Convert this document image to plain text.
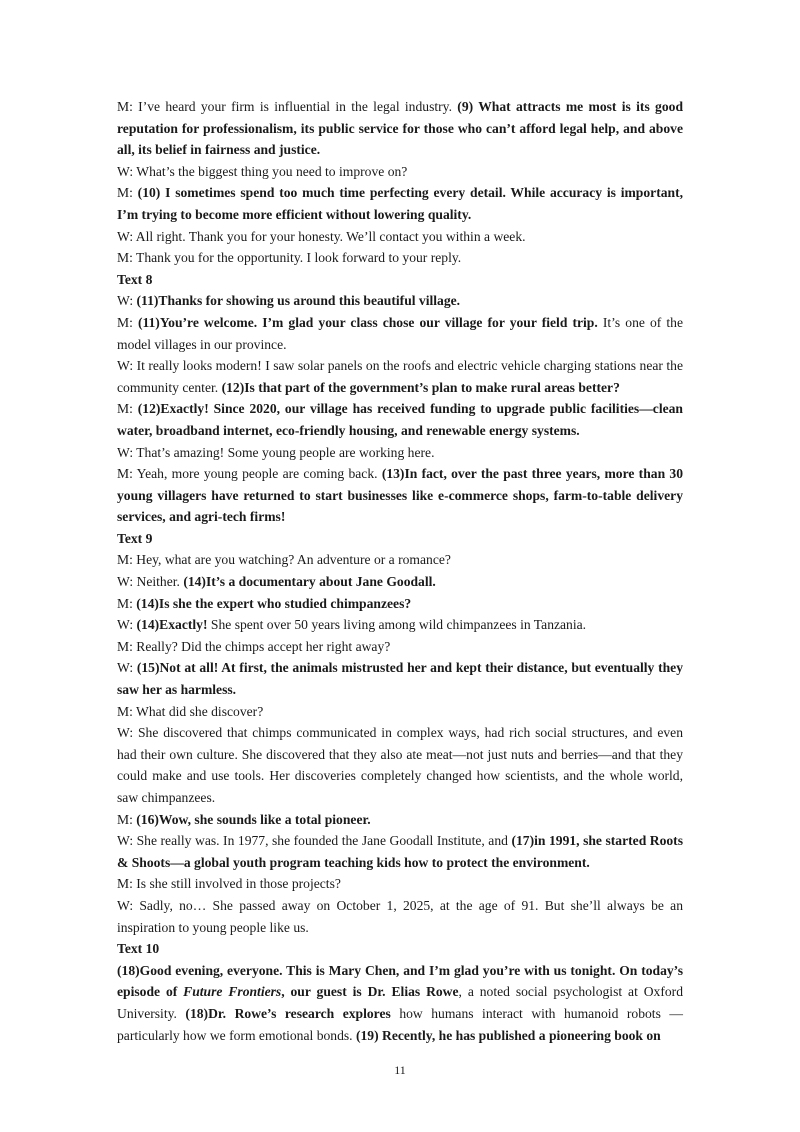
M: I’ve heard your firm is influential in the legal industry. (9) What attracts me most is its good reputation for professionalism, its public service for those who can’t afford legal help, and above all, its belief in fairness and justice.

W: What’s the biggest thing you need to improve on?

M: (10) I sometimes spend too much time perfecting every detail. While accuracy is important, I’m trying to become more efficient without lowering quality.

W: All right. Thank you for your honesty. We’ll contact you within a week.

M: Thank you for the opportunity. I look forward to your reply.

Text 8

W: (11)Thanks for showing us around this beautiful village.

M: (11)You’re welcome. I’m glad your class chose our village for your field trip. It’s one of the model villages in our province.

W: It really looks modern! I saw solar panels on the roofs and electric vehicle charging stations near the community center. (12)Is that part of the government’s plan to make rural areas better?

M: (12)Exactly! Since 2020, our village has received funding to upgrade public facilities—clean water, broadband internet, eco-friendly housing, and renewable energy systems.

W: That’s amazing! Some young people are working here.

M: Yeah, more young people are coming back. (13)In fact, over the past three years, more than 30 young villagers have returned to start businesses like e-commerce shops, farm-to-table delivery services, and agri-tech firms!

Text 9

M: Hey, what are you watching? An adventure or a romance?

W: Neither. (14)It’s a documentary about Jane Goodall.

M: (14)Is she the expert who studied chimpanzees?

W: (14)Exactly! She spent over 50 years living among wild chimpanzees in Tanzania.

M: Really? Did the chimps accept her right away?

W: (15)Not at all! At first, the animals mistrusted her and kept their distance, but eventually they saw her as harmless.

M: What did she discover?

W: She discovered that chimps communicated in complex ways, had rich social structures, and even had their own culture. She discovered that they also ate meat—not just nuts and berries—and that they could make and use tools. Her discoveries completely changed how scientists, and the whole world, saw chimpanzees.

M: (16)Wow, she sounds like a total pioneer.

W: She really was. In 1977, she founded the Jane Goodall Institute, and (17)in 1991, she started Roots & Shoots—a global youth program teaching kids how to protect the environment.

M: Is she still involved in those projects?

W: Sadly, no… She passed away on October 1, 2025, at the age of 91. But she’ll always be an inspiration to young people like us.

Text 10

(18)Good evening, everyone. This is Mary Chen, and I’m glad you’re with us tonight. On today’s episode of Future Frontiers, our guest is Dr. Elias Rowe, a noted social psychologist at Oxford University. (18)Dr. Rowe’s research explores how humans interact with humanoid robots — particularly how we form emotional bonds. (19) Recently, he has published a pioneering book on

11
